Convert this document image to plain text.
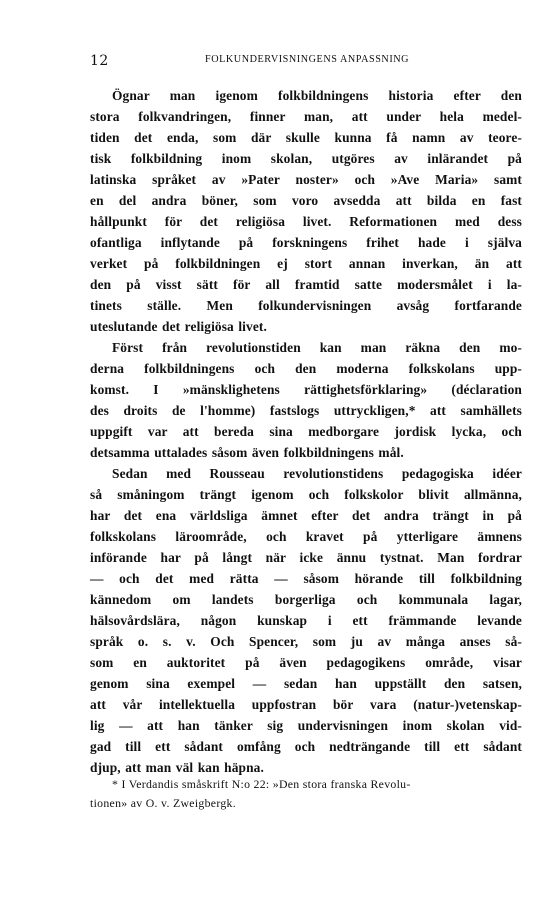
12	FOLKUNDERVISNINGENS ANPASSNING
Ögnar man igenom folkbildningens historia efter den
stora folkvandringen, finner man, att under hela medel-
tiden det enda, som där skulle kunna få namn av teore-
tisk folkbildning inom skolan, utgöres av inlärandet på
latinska språket av »Pater noster» och »Ave Maria» samt
en del andra böner, som voro avsedda att bilda en fast
hållpunkt för det religiösa livet. Reformationen med dess
ofantliga inflytande på forskningens frihet hade i själva
verket på folkbildningen ej stort annan inverkan, än att
den på visst sätt för all framtid satte modersmålet i la-
tinets ställe. Men folkundervisningen avsåg fortfarande
uteslutande det religiösa livet.
Först från revolutionstiden kan man räkna den mo-
derna folkbildningens och den moderna folkskolans upp-
komst. I »mänsklighetens rättighetsförklaring» (déclaration
des droits de l'homme) fastslogs uttryckligen,* att samhällets
uppgift var att bereda sina medborgare jordisk lycka, och
detsamma uttalades såsom även folkbildningens mål.
Sedan med Rousseau revolutionstidens pedagogiska idéer
så småningom trängt igenom och folkskolor blivit allmänna,
har det ena världsliga ämnet efter det andra trängt in på
folkskolans läroområde, och kravet på ytterligare ämnens
införande har på långt när icke ännu tystnat. Man fordrar
— och det med rätta — såsom hörande till folkbildning
kännedom om landets borgerliga och kommunala lagar,
hälsovårdslära, någon kunskap i ett främmande levande
språk o. s. v. Och Spencer, som ju av många anses så-
som en auktoritet på även pedagogikens område, visar
genom sina exempel — sedan han uppställt den satsen,
att vår intellektuella uppfostran bör vara (natur-)vetenskap-
lig — att han tänker sig undervisningen inom skolan vid-
gad till ett sådant omfång och nedträngande till ett sådant
djup, att man väl kan häpna.
* I Verdandis småskrift N:o 22: »Den stora franska Revolu-
tionen» av O. v. Zweigbergk.
